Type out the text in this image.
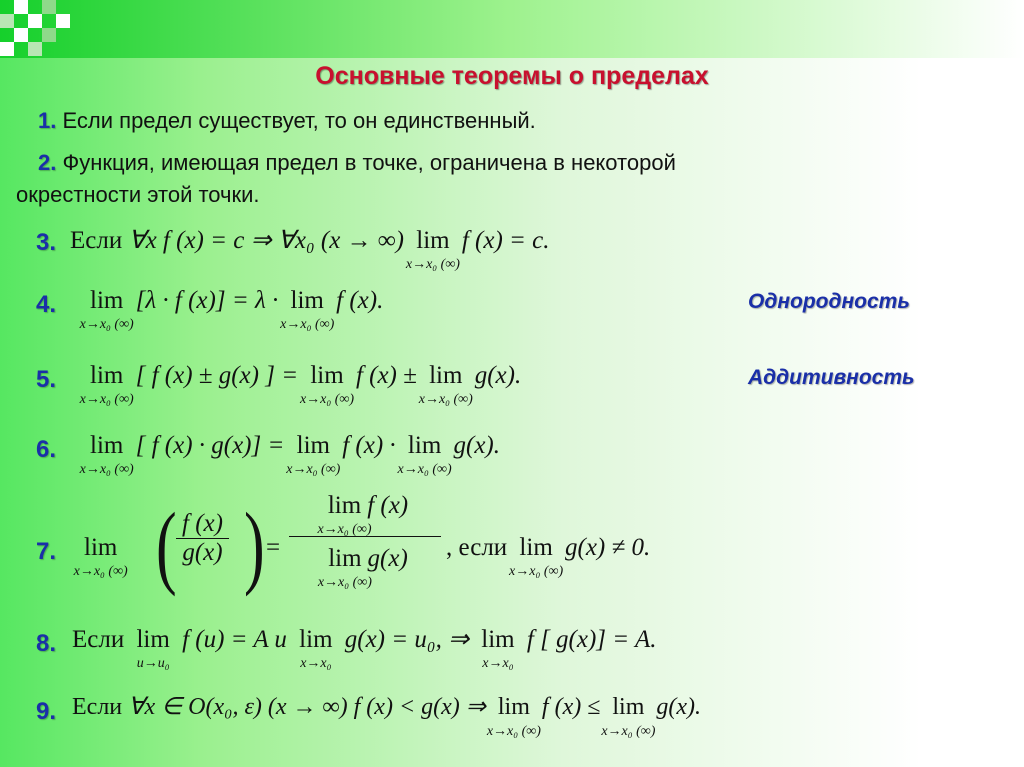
Основные теоремы о пределах
1. Если предел существует, то он единственный.
2. Функция, имеющая предел в точке, ограничена в некоторой
окрестности этой точки.
3. Если ∀x f (x) = c ⇒ ∀x₀ (x → ∞) lim
x→x₀ (∞)
f (x) = c.
4. lim
x→x₀ (∞)
[λ · f (x)] = λ · lim
x→x₀ (∞)
f (x).	Однородность
5. lim
x→x₀ (∞)
[ f (x) ± g(x) ] = lim
x→x₀ (∞)
f (x) ± lim
x→x₀ (∞)
g(x).	Аддитивность
6. lim
x→x₀ (∞)
[ f (x) · g(x)] = lim
x→x₀ (∞)
f (x) · lim
x→x₀ (∞)
g(x).
7. lim
x→x₀ (∞) ( $\frac{f (x)}{g(x)}$ ) = lim
x→x₀ (∞)
f (x)
lim
x→x₀ (∞)
g(x) , если lim
x→x₀ (∞)
g(x) ≠ 0.
8. Если lim
u→u₀
f (u) = A и lim
x→x₀
g(x) = u₀, ⇒ lim
x→x₀
f [ g(x)] = A.
9. Если ∀x ∈ O(x₀, ε) (x → ∞) f (x) < g(x) ⇒ lim
x→x₀ (∞)
f (x) ≤ lim
x→x₀ (∞)
g(x).
